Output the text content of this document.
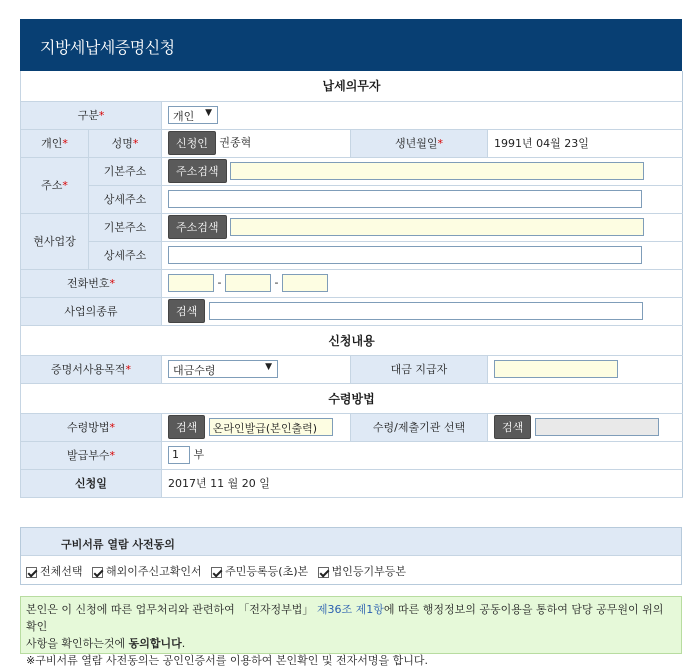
지방세납세증명신청
납세의무자				
구분*		개인 ▼		

개인*	성명*	신청인 권종혁	생년월일*	1991년 04월 23일
주소*	기본주소	주소검색		
	상세주소			
현사업장	기본주소	주소검색		
	상세주소			
전화번호*		- -		
사업의종류		검색		
신청내용				
증명서사용목적*		대금수령 ▼	대금 지급자	
수령방법				
수령방법*		검색 온라인발급(본인출력)	수령/제출기관 선택	검색
발급부수*		1 부		
신청일		2017년 11 월 20 일		
구비서류 열람 사전동의
전체선택 해외이주신고확인서 주민등록등(초)본 법인등기부등본
본인은 이 신청에 따른 업무처리와 관련하여 「전자정부법」 제36조 제1항에 따른 행정정보의 공동이용을 통하여 담당 공무원이 위의 확인
사항을 확인하는것에 동의합니다.
※구비서류 열람 사전동의는 공인인증서를 이용하여 본인확인 및 전자서명을 합니다.
